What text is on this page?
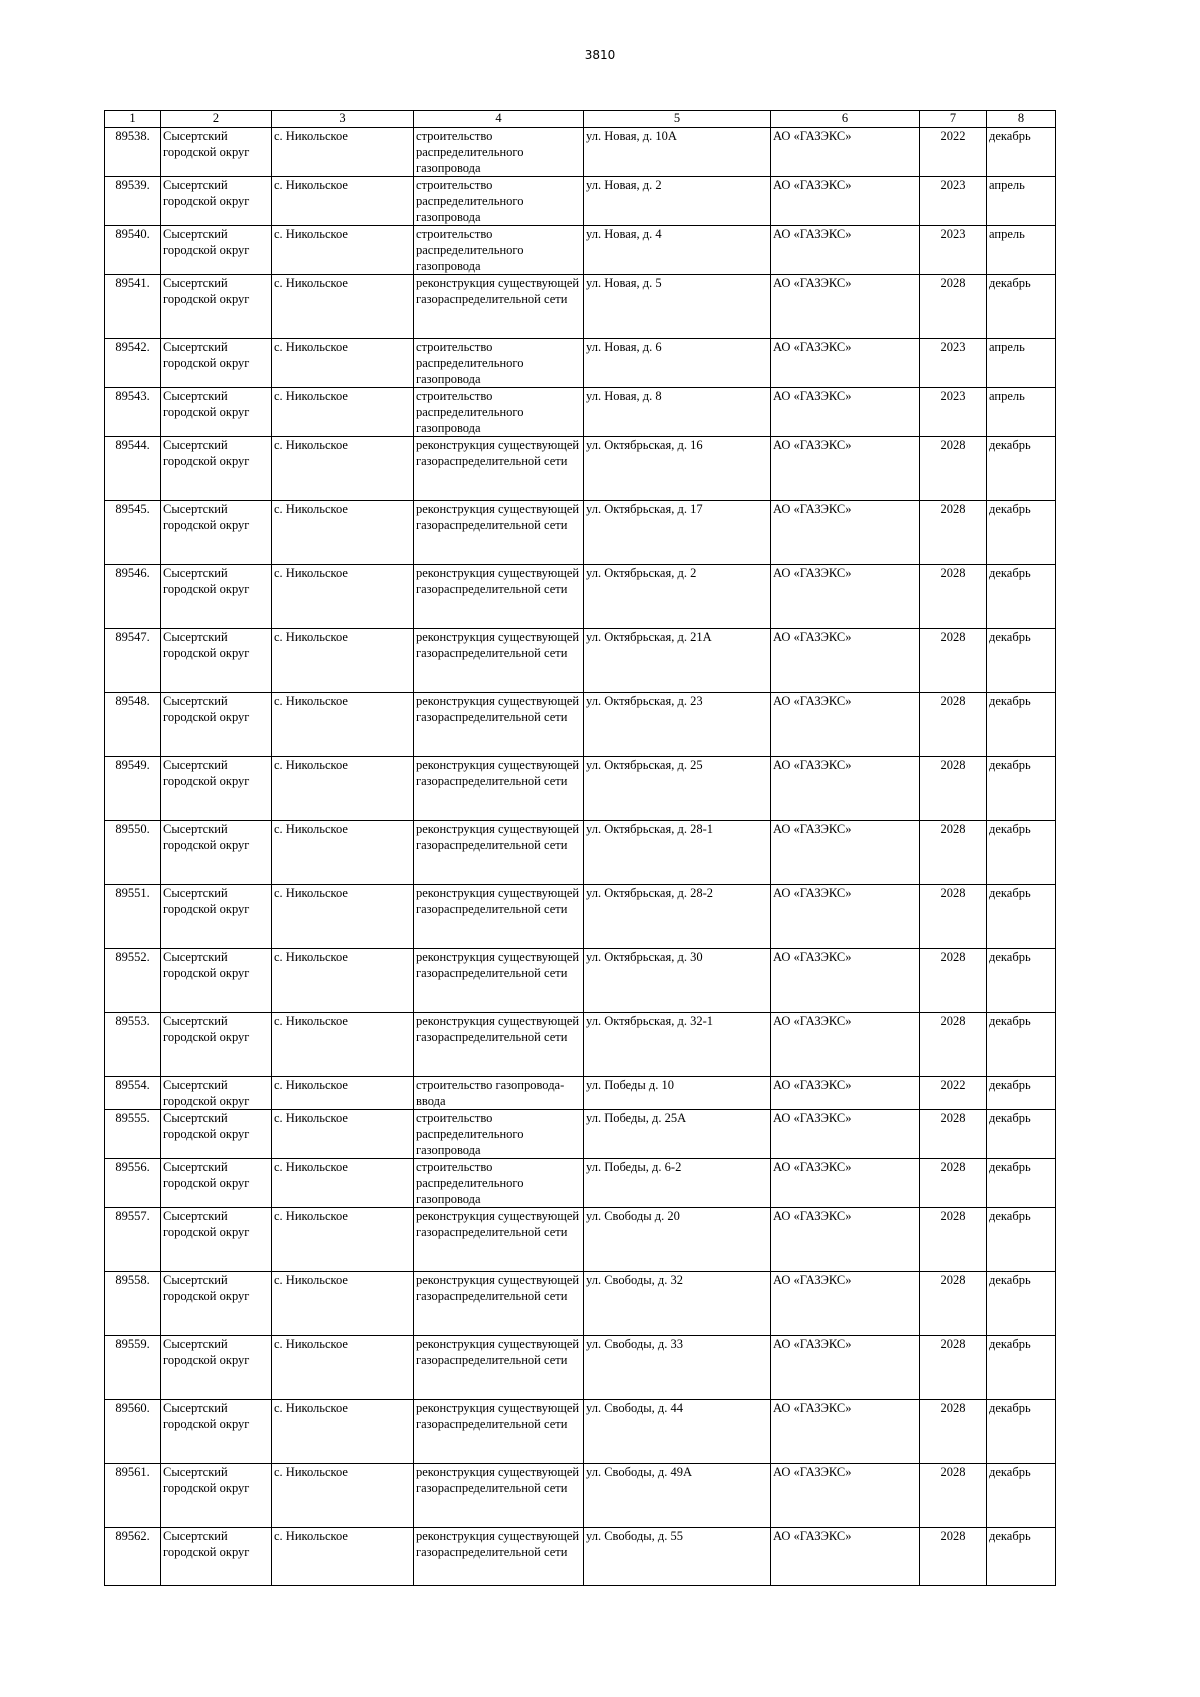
3810
1	2	3	4	5	6	7	8
89538.	Сысертский городской округ	с. Никольское	строительство распределительного газопровода	ул. Новая, д. 10А	АО «ГАЗЭКС»	2022	декабрь
89539.	Сысертский городской округ	с. Никольское	строительство распределительного газопровода	ул. Новая, д. 2	АО «ГАЗЭКС»	2023	апрель
89540.	Сысертский городской округ	с. Никольское	строительство распределительного газопровода	ул. Новая, д. 4	АО «ГАЗЭКС»	2023	апрель
89541.	Сысертский городской округ	с. Никольское	реконструкция существующей газораспределительной сети	ул. Новая, д. 5	АО «ГАЗЭКС»	2028	декабрь
89542.	Сысертский городской округ	с. Никольское	строительство распределительного газопровода	ул. Новая, д. 6	АО «ГАЗЭКС»	2023	апрель
89543.	Сысертский городской округ	с. Никольское	строительство распределительного газопровода	ул. Новая, д. 8	АО «ГАЗЭКС»	2023	апрель
89544.	Сысертский городской округ	с. Никольское	реконструкция существующей газораспределительной сети	ул. Октябрьская, д. 16	АО «ГАЗЭКС»	2028	декабрь
89545.	Сысертский городской округ	с. Никольское	реконструкция существующей газораспределительной сети	ул. Октябрьская, д. 17	АО «ГАЗЭКС»	2028	декабрь
89546.	Сысертский городской округ	с. Никольское	реконструкция существующей газораспределительной сети	ул. Октябрьская, д. 2	АО «ГАЗЭКС»	2028	декабрь
89547.	Сысертский городской округ	с. Никольское	реконструкция существующей газораспределительной сети	ул. Октябрьская, д. 21А	АО «ГАЗЭКС»	2028	декабрь
89548.	Сысертский городской округ	с. Никольское	реконструкция существующей газораспределительной сети	ул. Октябрьская, д. 23	АО «ГАЗЭКС»	2028	декабрь
89549.	Сысертский городской округ	с. Никольское	реконструкция существующей газораспределительной сети	ул. Октябрьская, д. 25	АО «ГАЗЭКС»	2028	декабрь
89550.	Сысертский городской округ	с. Никольское	реконструкция существующей газораспределительной сети	ул. Октябрьская, д. 28-1	АО «ГАЗЭКС»	2028	декабрь
89551.	Сысертский городской округ	с. Никольское	реконструкция существующей газораспределительной сети	ул. Октябрьская, д. 28-2	АО «ГАЗЭКС»	2028	декабрь
89552.	Сысертский городской округ	с. Никольское	реконструкция существующей газораспределительной сети	ул. Октябрьская, д. 30	АО «ГАЗЭКС»	2028	декабрь
89553.	Сысертский городской округ	с. Никольское	реконструкция существующей газораспределительной сети	ул. Октябрьская, д. 32-1	АО «ГАЗЭКС»	2028	декабрь
89554.	Сысертский городской округ	с. Никольское	строительство газопровода-ввода	ул. Победы д. 10	АО «ГАЗЭКС»	2022	декабрь
89555.	Сысертский городской округ	с. Никольское	строительство распределительного газопровода	ул. Победы, д. 25А	АО «ГАЗЭКС»	2028	декабрь
89556.	Сысертский городской округ	с. Никольское	строительство распределительного газопровода	ул. Победы, д. 6-2	АО «ГАЗЭКС»	2028	декабрь
89557.	Сысертский городской округ	с. Никольское	реконструкция существующей газораспределительной сети	ул. Свободы д. 20	АО «ГАЗЭКС»	2028	декабрь
89558.	Сысертский городской округ	с. Никольское	реконструкция существующей газораспределительной сети	ул. Свободы, д. 32	АО «ГАЗЭКС»	2028	декабрь
89559.	Сысертский городской округ	с. Никольское	реконструкция существующей газораспределительной сети	ул. Свободы, д. 33	АО «ГАЗЭКС»	2028	декабрь
89560.	Сысертский городской округ	с. Никольское	реконструкция существующей газораспределительной сети	ул. Свободы, д. 44	АО «ГАЗЭКС»	2028	декабрь
89561.	Сысертский городской округ	с. Никольское	реконструкция существующей газораспределительной сети	ул. Свободы, д. 49А	АО «ГАЗЭКС»	2028	декабрь
89562.	Сысертский городской округ	с. Никольское	реконструкция существующей газораспределительной сети	ул. Свободы, д. 55	АО «ГАЗЭКС»	2028	декабрь
